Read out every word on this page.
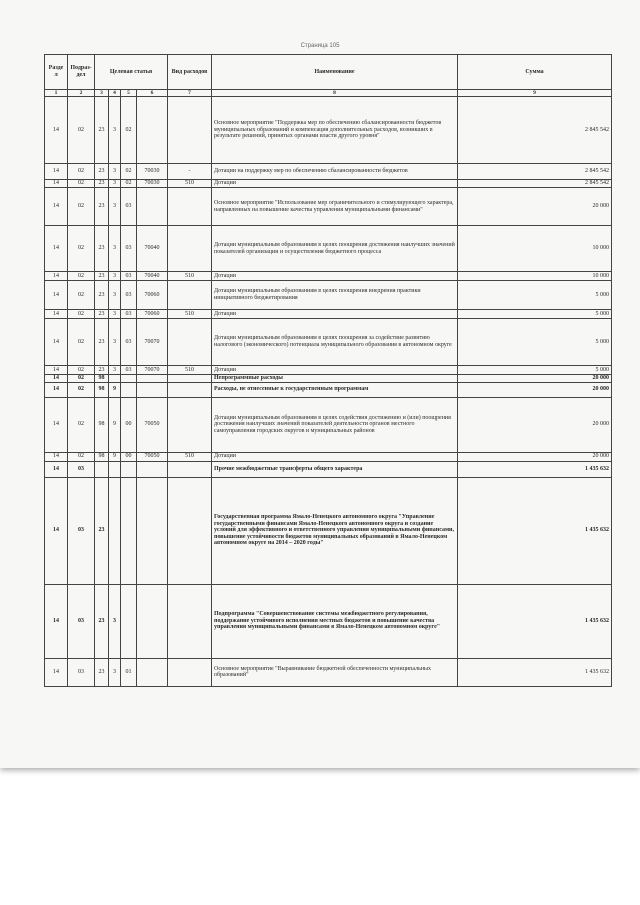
Страница 105
Разде л	Подраз- дел	Целевая статья				Вид расходов	Наименование	Сумма
1	2	3	4	5	6	7	8	9
14	02	23	3	02			Основное мероприятие "Поддержка мер по обеспечению сбалансированности бюджетов муниципальных образований и компенсация дополнительных расходов, возникших в результате решений, принятых органами власти другого уровня"	2 845 542
14	02	23	3	02	70030	-	Дотации на поддержку мер по обеспечению сбалансированности бюджетов	2 845 542
14	02	23	3	02	70030	510	Дотации	2 845 542
14	02	23	3	03			Основное мероприятие "Использование мер ограничительного и стимулирующего характера, направленных на повышение качества управления муниципальными финансами"	20 000
14	02	23	3	03	70040		Дотации муниципальным образованиям в целях поощрения достижения наилучших значений показателей организации и осуществления бюджетного процесса	10 000
14	02	23	3	03	70040	510	Дотации	10 000
14	02	23	3	03	70060		Дотации муниципальным образованиям в целях поощрения внедрения практики инициативного бюджетирования	5 000
14	02	23	3	03	70060	510	Дотации	5 000
14	02	23	3	03	70070		Дотации муниципальным образованиям в целях поощрения за содействие развитию налогового (экономического) потенциала муниципального образования в автономном округе	5 000
14	02	23	3	03	70070	510	Дотации	5 000
14	02	98					Непрограммные расходы	20 000
14	02	98	9				Расходы, не отнесенные к государственным программам	20 000
14	02	98	9	00	70050		Дотации муниципальным образованиям в целях содействия достижению и (или) поощрения достижения наилучших значений показателей деятельности органов местного самоуправления городских округов и муниципальных районов	20 000
14	02	98	9	00	70050	510	Дотации	20 000
14	03						Прочие межбюджетные трансферты общего характера	1 435 632
14	03	23					Государственная программа Ямало-Ненецкого автономного округа "Управление государственными финансами Ямало-Ненецкого автономного округа и создание условий для эффективного и ответственного управления муниципальными финансами, повышение устойчивости бюджетов муниципальных образований в Ямало-Ненецком автономном округе на 2014 – 2020 годы"	1 435 632
14	03	23	3				Подпрограмма "Совершенствование системы межбюджетного регулирования, поддержание устойчивого исполнения местных бюджетов и повышение качества управления муниципальными финансами в Ямало-Ненецком автономном округе"	1 435 632
14	03	23	3	01			Основное мероприятие "Выравнивание бюджетной обеспеченности муниципальных образований"	1 435 632
